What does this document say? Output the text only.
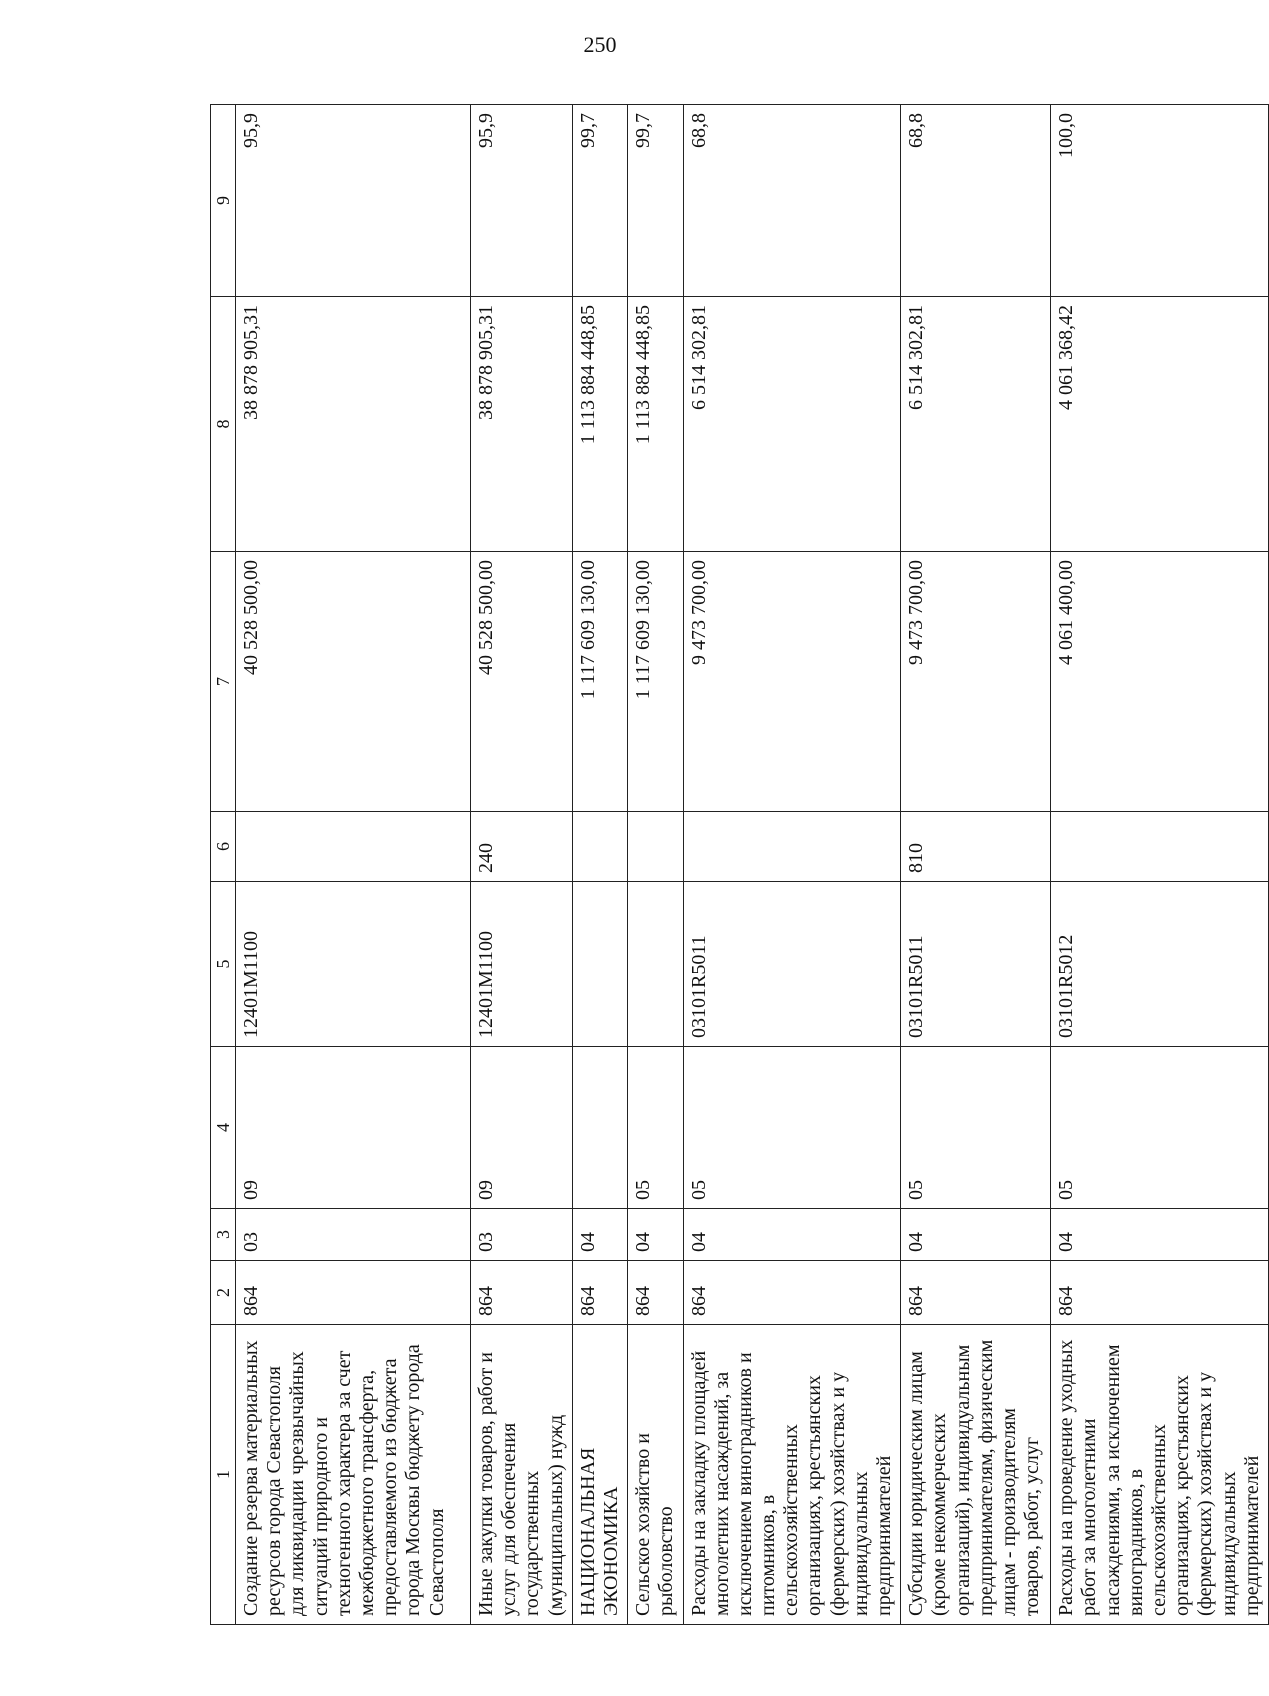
250
1	2	3	4	5	6	7	8	9
Создание резерва материальных ресурсов города Севастополя для ликвидации чрезвычайных ситуаций природного и техногенного характера за счет межбюджетного трансферта, предоставляемого из бюджета города Москвы бюджету города Севастополя	864	03	09	12401M1100		40 528 500,00	38 878 905,31	95,9
Иные закупки товаров, работ и услуг для обеспечения государственных (муниципальных) нужд	864	03	09	12401M1100	240	40 528 500,00	38 878 905,31	95,9
НАЦИОНАЛЬНАЯ ЭКОНОМИКА	864	04				1 117 609 130,00	1 113 884 448,85	99,7
Сельское хозяйство и рыболовство	864	04	05			1 117 609 130,00	1 113 884 448,85	99,7
Расходы на закладку площадей многолетних насаждений, за исключением виноградников и питомников, в сельскохозяйственных организациях, крестьянских (фермерских) хозяйствах и у индивидуальных предпринимателей	864	04	05	03101R5011		9 473 700,00	6 514 302,81	68,8
Субсидии юридическим лицам (кроме некоммерческих организаций), индивидуальным предпринимателям, физическим лицам - производителям товаров, работ, услуг	864	04	05	03101R5011	810	9 473 700,00	6 514 302,81	68,8
Расходы на проведение уходных работ за многолетними насаждениями, за исключением виноградников, в сельскохозяйственных организациях, крестьянских (фермерских) хозяйствах и у индивидуальных предпринимателей	864	04	05	03101R5012		4 061 400,00	4 061 368,42	100,0
